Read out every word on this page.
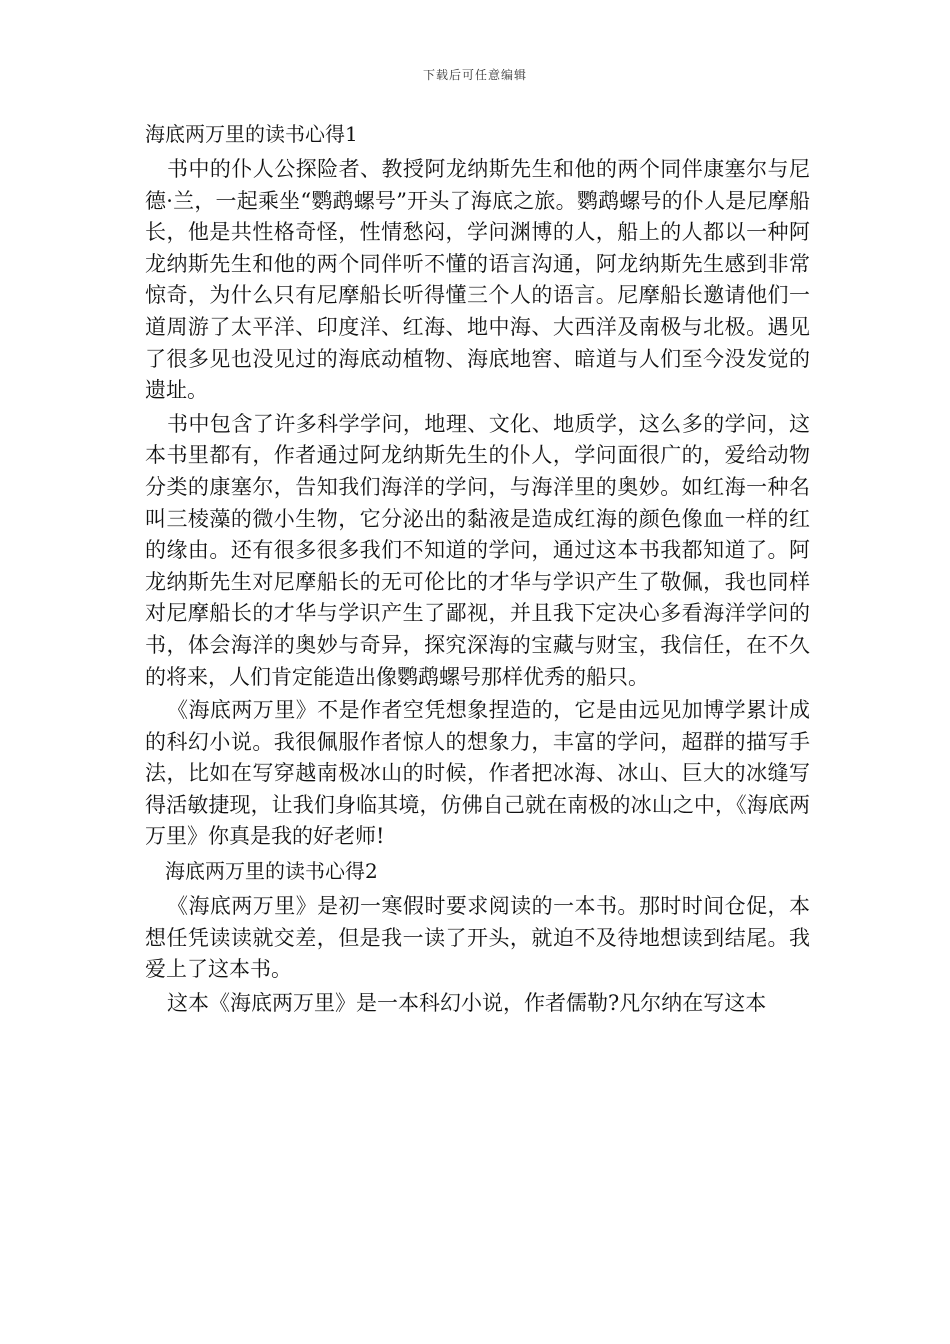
下载后可任意编辑
海底两万里的读书心得1

书中的仆人公探险者、教授阿龙纳斯先生和他的两个同伴康塞尔与尼德·兰，一起乘坐“鹦鹉螺号”开头了海底之旅。鹦鹉螺号的仆人是尼摩船长，他是共性格奇怪，性情愁闷，学问渊博的人，船上的人都以一种阿龙纳斯先生和他的两个同伴听不懂的语言沟通，阿龙纳斯先生感到非常惊奇，为什么只有尼摩船长听得懂三个人的语言。尼摩船长邀请他们一道周游了太平洋、印度洋、红海、地中海、大西洋及南极与北极。遇见了很多见也没见过的海底动植物、海底地窖、暗道与人们至今没发觉的遗址。

书中包含了许多科学学问，地理、文化、地质学，这么多的学问，这本书里都有，作者通过阿龙纳斯先生的仆人，学问面很广的，爱给动物分类的康塞尔，告知我们海洋的学问，与海洋里的奥妙。如红海一种名叫三棱藻的微小生物，它分泌出的黏液是造成红海的颜色像血一样的红的缘由。还有很多很多我们不知道的学问，通过这本书我都知道了。阿龙纳斯先生对尼摩船长的无可伦比的才华与学识产生了敬佩，我也同样对尼摩船长的才华与学识产生了鄙视，并且我下定决心多看海洋学问的书，体会海洋的奥妙与奇异，探究深海的宝藏与财宝，我信任，在不久的将来，人们肯定能造出像鹦鹉螺号那样优秀的船只。

《海底两万里》不是作者空凭想象捏造的，它是由远见加博学累计成的科幻小说。我很佩服作者惊人的想象力，丰富的学问，超群的描写手法，比如在写穿越南极冰山的时候，作者把冰海、冰山、巨大的冰缝写得活敏捷现，让我们身临其境，仿佛自己就在南极的冰山之中，《海底两万里》你真是我的好老师!

海底两万里的读书心得2

《海底两万里》是初一寒假时要求阅读的一本书。那时时间仓促，本想任凭读读就交差，但是我一读了开头，就迫不及待地想读到结尾。我爱上了这本书。

这本《海底两万里》是一本科幻小说，作者儒勒?凡尔纳在写这本
